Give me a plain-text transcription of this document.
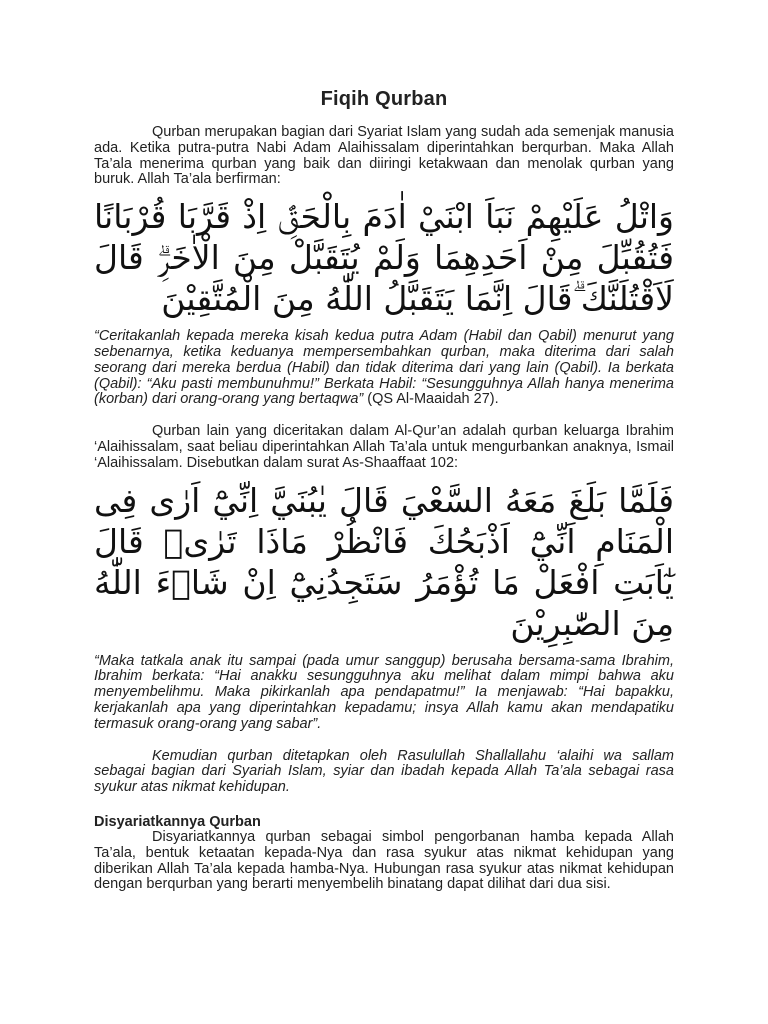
Fiqih Qurban

Qurban merupakan bagian dari Syariat Islam yang sudah ada semenjak manusia ada. Ketika putra-putra Nabi Adam Alaihissalam diperintahkan berqurban. Maka Allah Ta’ala menerima qurban yang baik dan diiringi ketakwaan dan menolak qurban yang buruk. Allah Ta’ala berfirman:

وَاتْلُ عَلَيْهِمْ نَبَاَ ابْنَيْ اٰدَمَ بِالْحَقِّۘ اِذْ قَرَّبَا قُرْبَانًا فَتُقُبِّلَ مِنْ اَحَدِهِمَا وَلَمْ يُتَقَبَّلْ مِنَ الْاٰخَرِۗ قَالَ لَاَقْتُلَنَّكَ ۗقَالَ اِنَّمَا يَتَقَبَّلُ اللّٰهُ مِنَ الْمُتَّقِيْنَ

“Ceritakanlah kepada mereka kisah kedua putra Adam (Habil dan Qabil) menurut yang sebenarnya, ketika keduanya mempersembahkan qurban, maka diterima dari salah seorang dari mereka berdua (Habil) dan tidak diterima dari yang lain (Qabil). Ia berkata (Qabil): “Aku pasti membunuhmu!” Berkata Habil: “Sesungguhnya Allah hanya menerima (korban) dari orang-orang yang bertaqwa” (QS Al-Maaidah 27).

Qurban lain yang diceritakan dalam Al-Qur’an adalah qurban keluarga Ibrahim ‘Alaihissalam, saat beliau diperintahkan Allah Ta’ala untuk mengurbankan anaknya, Ismail ‘Alaihissalam. Disebutkan dalam surat As-Shaaffaat 102:

فَلَمَّا بَلَغَ مَعَهُ السَّعْيَ قَالَ يٰبُنَيَّ اِنِّيْٓ اَرٰى فِى الْمَنَامِ اَنِّيْٓ اَذْبَحُكَ فَانْظُرْ مَاذَا تَرٰىۗ قَالَ يٰٓاَبَتِ افْعَلْ مَا تُؤْمَرُ سَتَجِدُنِيْٓ اِنْ شَاۤءَ اللّٰهُ مِنَ الصّٰبِرِيْنَ

“Maka tatkala anak itu sampai (pada umur sanggup) berusaha bersama-sama Ibrahim, Ibrahim berkata: “Hai anakku sesungguhnya aku melihat dalam mimpi bahwa aku menyembelihmu. Maka pikirkanlah apa pendapatmu!” Ia menjawab: “Hai bapakku, kerjakanlah apa yang diperintahkan kepadamu; insya Allah kamu akan mendapatiku termasuk orang-orang yang sabar”.

Kemudian qurban ditetapkan oleh Rasulullah Shallallahu ‘alaihi wa sallam sebagai bagian dari Syariah Islam, syiar dan ibadah kepada Allah Ta’ala sebagai rasa syukur atas nikmat kehidupan.

Disyariatkannya Qurban

Disyariatkannya qurban sebagai simbol pengorbanan hamba kepada Allah Ta’ala, bentuk ketaatan kepada-Nya dan rasa syukur atas nikmat kehidupan yang diberikan Allah Ta’ala kepada hamba-Nya. Hubungan rasa syukur atas nikmat kehidupan dengan berqurban yang berarti menyembelih binatang dapat dilihat dari dua sisi.
